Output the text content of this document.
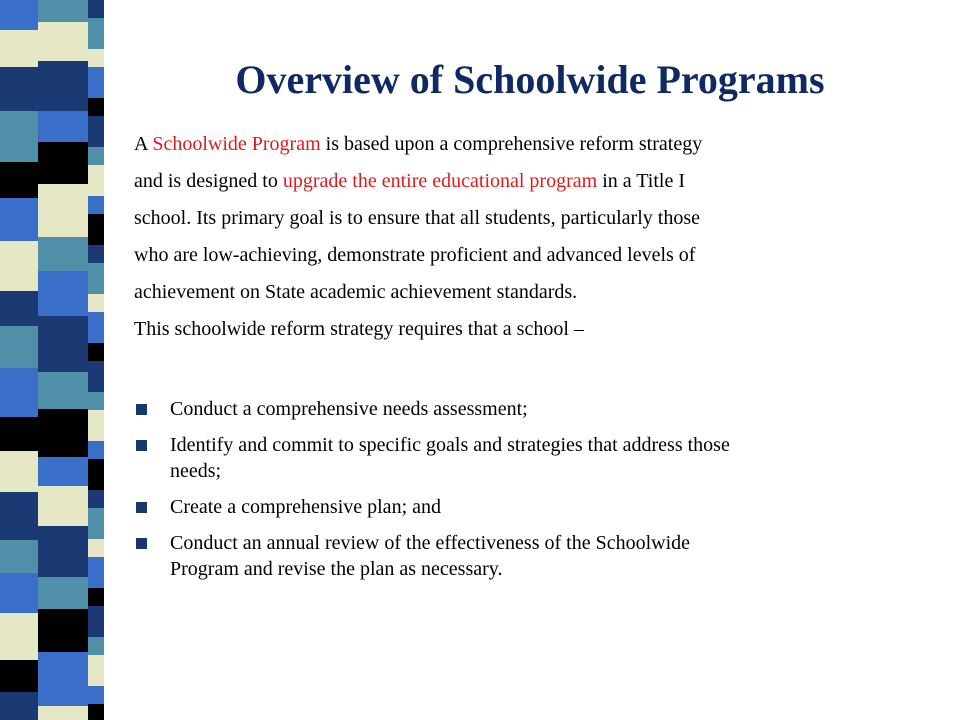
Overview of Schoolwide Programs
A Schoolwide Program is based upon a comprehensive reform strategy
and is designed to upgrade the entire educational program in a Title I
school. Its primary goal is to ensure that all students, particularly those
who are low-achieving, demonstrate proficient and advanced levels of
achievement on State academic achievement standards.
This schoolwide reform strategy requires that a school –
Conduct a comprehensive needs assessment;
Identify and commit to specific goals and strategies that address those
needs;
Create a comprehensive plan; and
Conduct an annual review of the effectiveness of the Schoolwide
Program and revise the plan as necessary.
